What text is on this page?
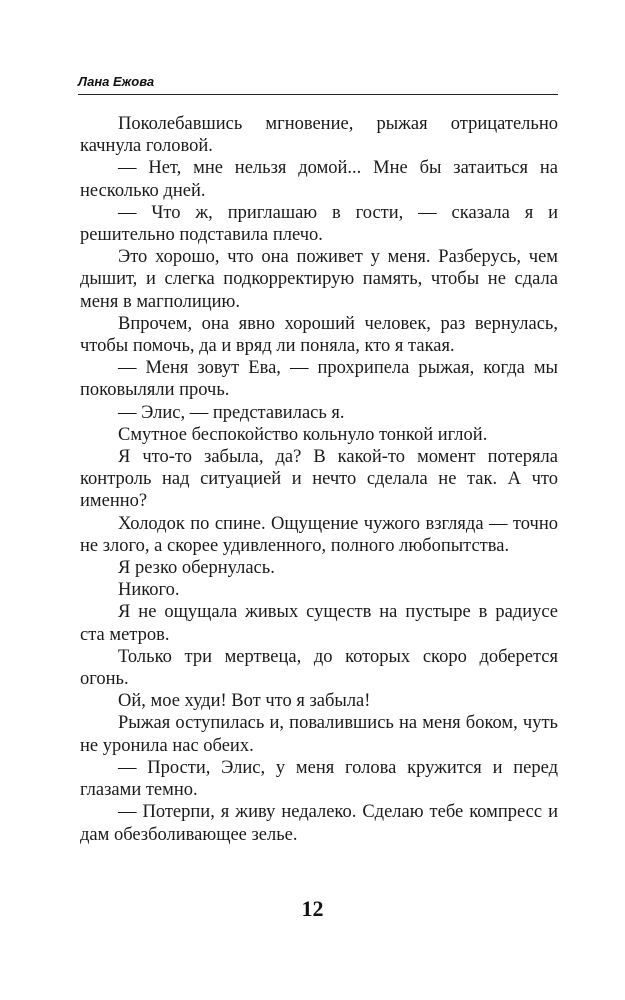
Лана Ежова

Поколебавшись мгновение, рыжая отрицательно качнула головой.

— Нет, мне нельзя домой... Мне бы затаиться на несколько дней.

— Что ж, приглашаю в гости, — сказала я и решительно подставила плечо.

Это хорошо, что она поживет у меня. Разберусь, чем дышит, и слегка подкорректирую память, чтобы не сдала меня в магполицию.

Впрочем, она явно хороший человек, раз вернулась, чтобы помочь, да и вряд ли поняла, кто я такая.

— Меня зовут Ева, — прохрипела рыжая, когда мы поковыляли прочь.

— Элис, — представилась я.

Смутное беспокойство кольнуло тонкой иглой.

Я что-то забыла, да? В какой-то момент потеряла контроль над ситуацией и нечто сделала не так. А что именно?

Холодок по спине. Ощущение чужого взгляда — точно не злого, а скорее удивленного, полного любопытства.

Я резко обернулась.

Никого.

Я не ощущала живых существ на пустыре в радиусе ста метров.

Только три мертвеца, до которых скоро доберется огонь.

Ой, мое худи! Вот что я забыла!

Рыжая оступилась и, повалившись на меня боком, чуть не уронила нас обеих.

— Прости, Элис, у меня голова кружится и перед глазами темно.

— Потерпи, я живу недалеко. Сделаю тебе компресс и дам обезболивающее зелье.

12
